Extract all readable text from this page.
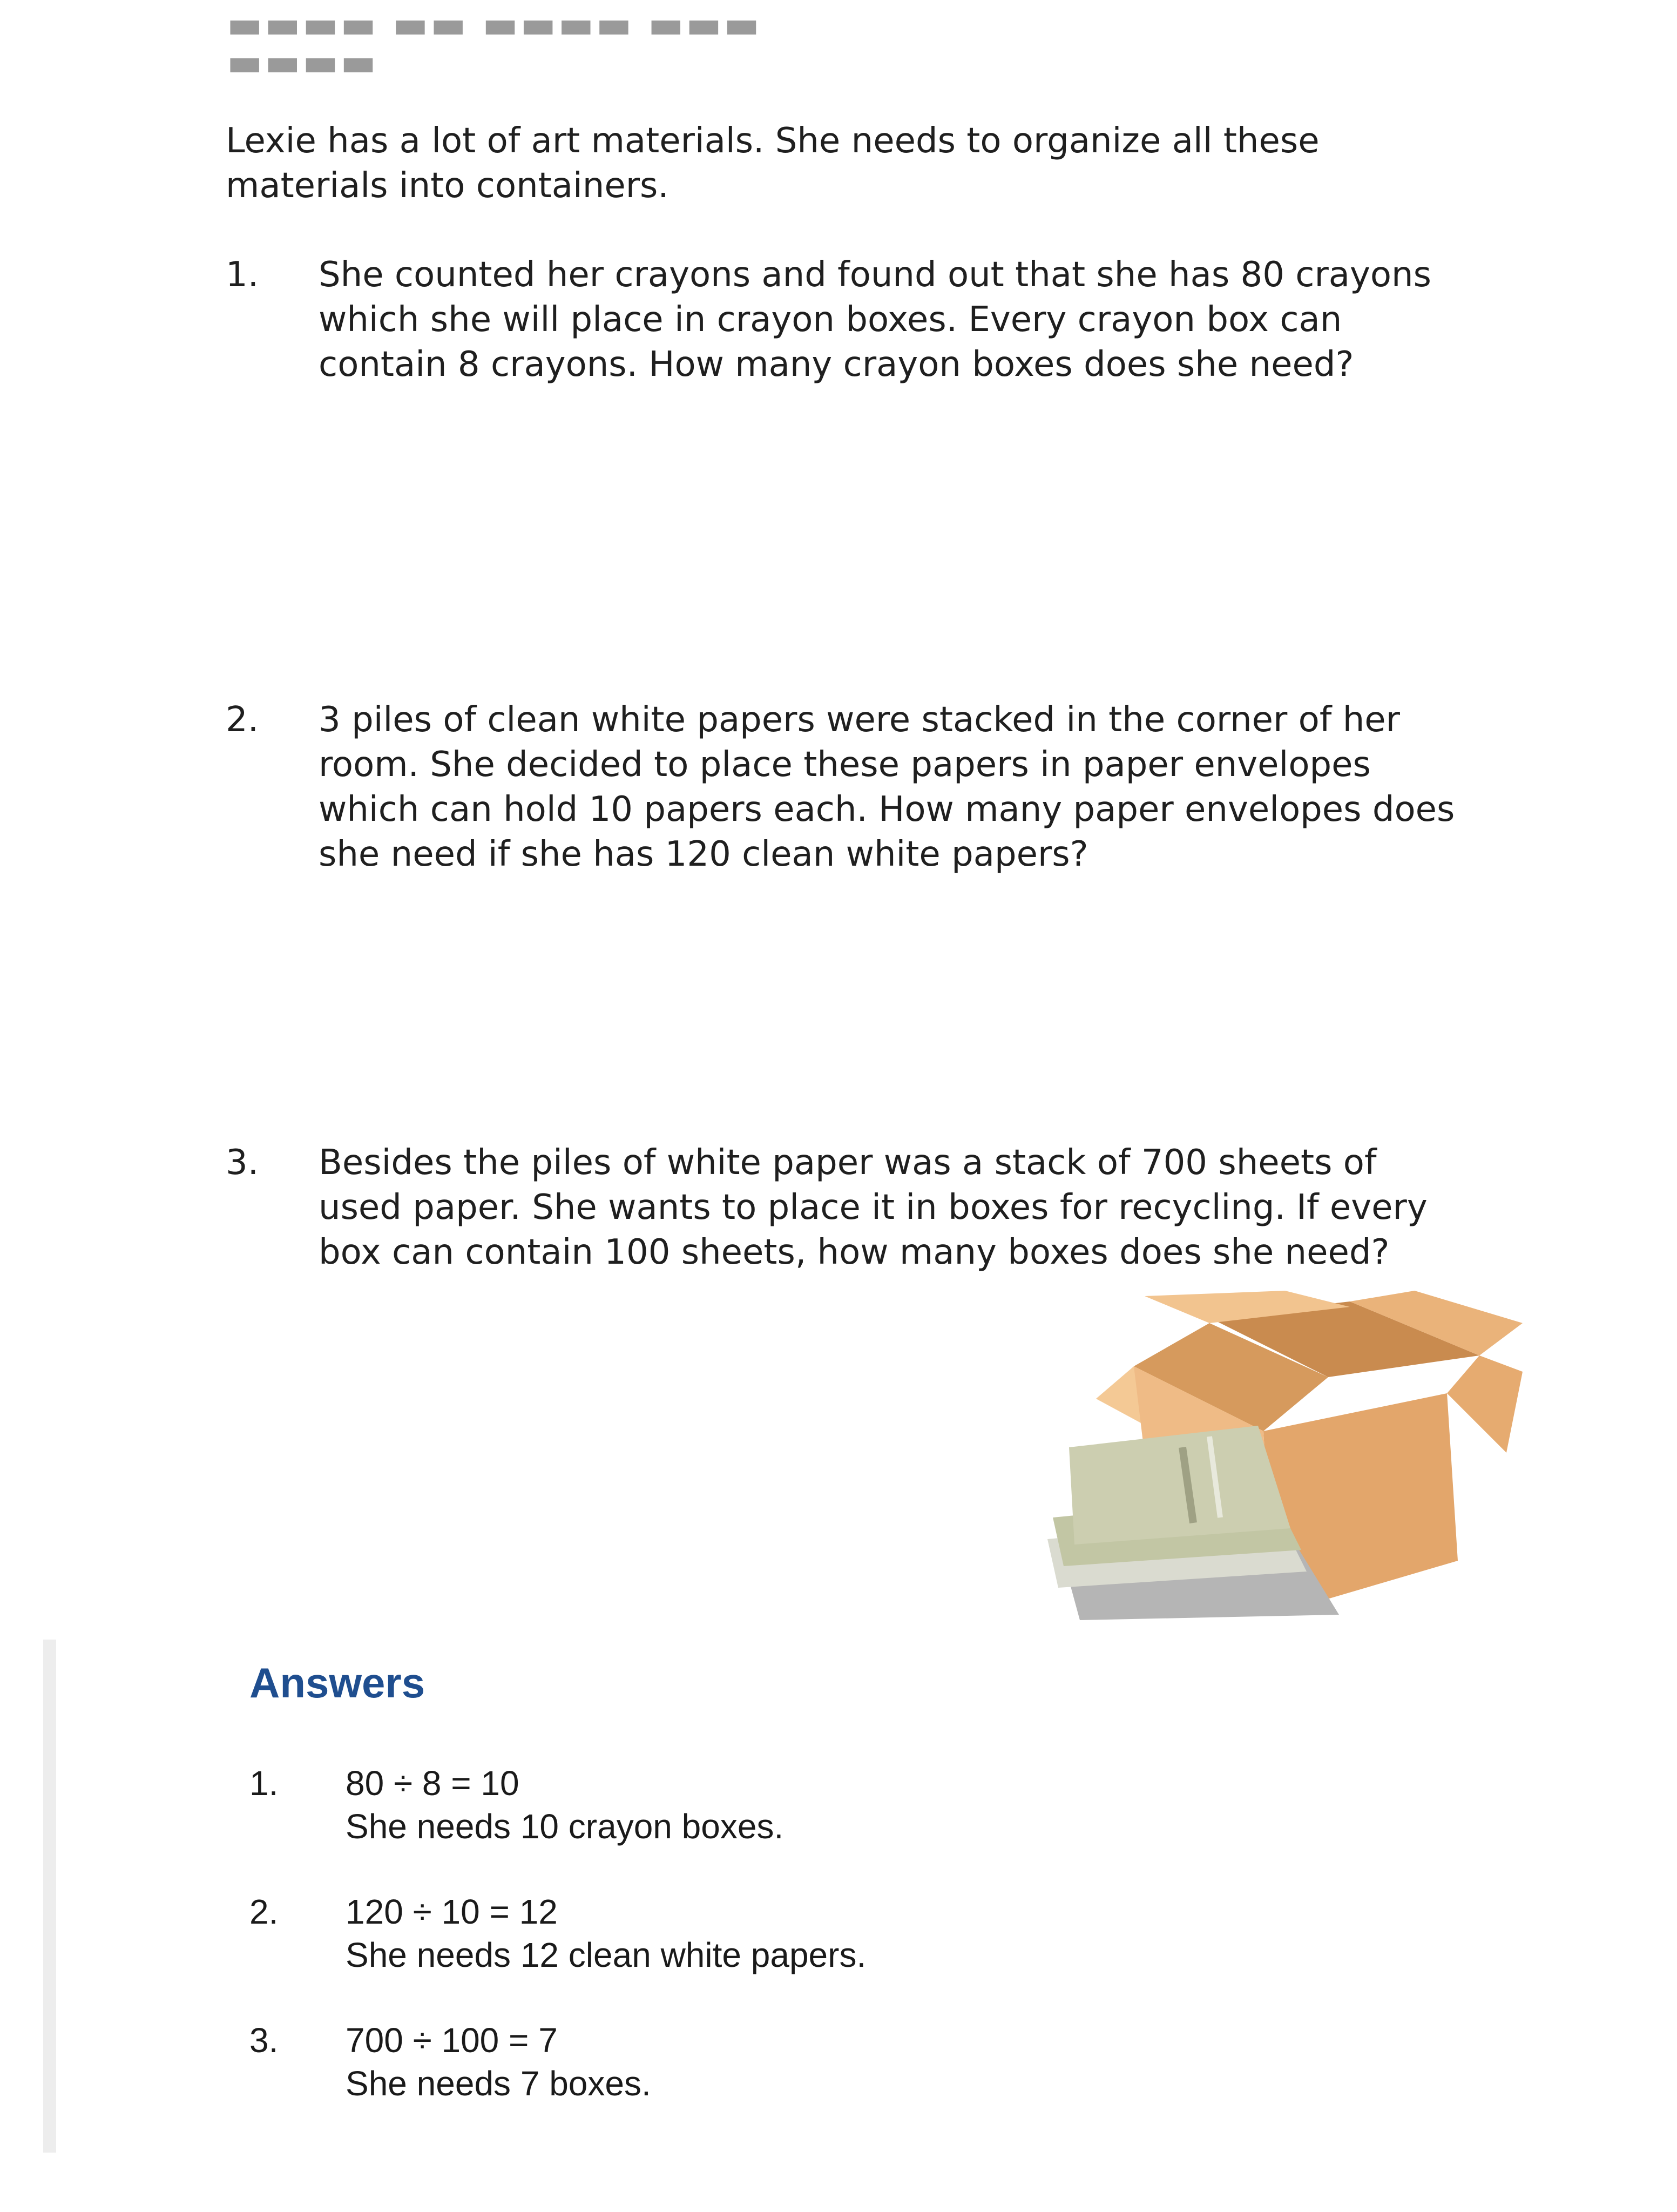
▬▬▬▬ ▬▬ ▬▬▬▬ ▬▬▬ ▬▬▬▬

Lexie has a lot of art materials. She needs to organize all these materials into containers.

1. She counted her crayons and found out that she has 80 crayons which she will place in crayon boxes. Every crayon box can contain 8 crayons. How many crayon boxes does she need?
2. 3 piles of clean white papers were stacked in the corner of her room. She decided to place these papers in paper envelopes which can hold 10 papers each. How many paper envelopes does she need if she has 120 clean white papers?
3. Besides the piles of white paper was a stack of 700 sheets of used paper. She wants to place it in boxes for recycling. If every box can contain 100 sheets, how many boxes does she need?
Answers
1. 80 ÷ 8 = 10
She needs 10 crayon boxes.
2. 120 ÷ 10 = 12
She needs 12 clean white papers.
3. 700 ÷ 100 = 7
She needs 7 boxes.
